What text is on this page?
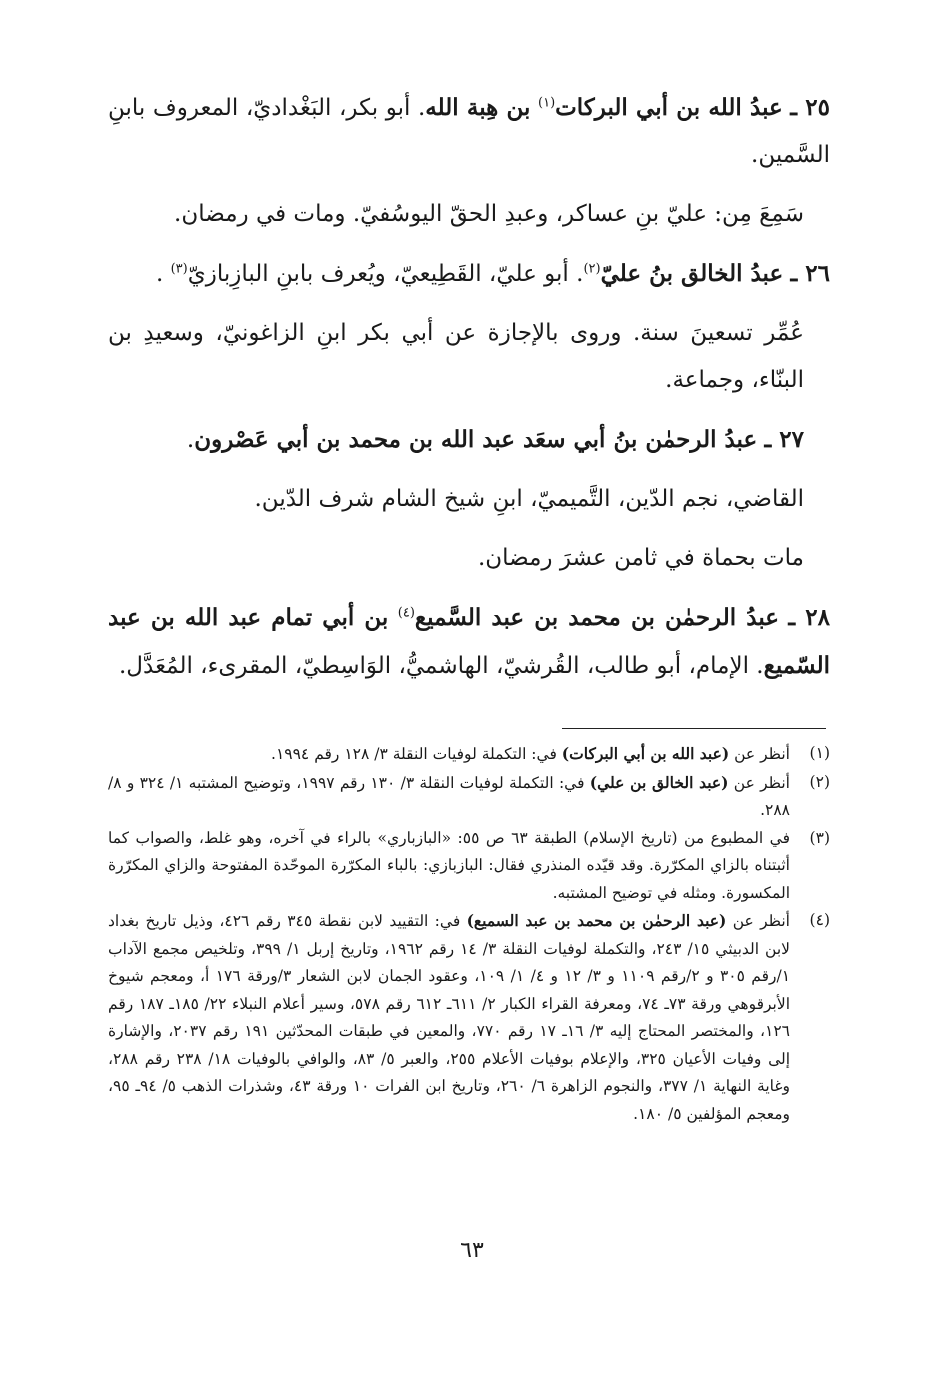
٢٥ ـ عبدُ الله بن أبي البركات$^{(١)}$ بن هِبة الله. أبو بكر، البَغْداديّ، المعروف بابنِ السَّمين.

سَمِعَ مِن: عليّ بنِ عساكر، وعبدِ الحقّ اليوسُفيّ. ومات في رمضان.

٢٦ ـ عبدُ الخالق بنُ عليّ$^{(٢)}$. أبو عليّ، القَطِيعيّ، ويُعرف بابنِ البازِبازيّ$^{(٣)}$ .

عُمِّر تسعينَ سنة. وروى بالإجازة عن أبي بكر ابنِ الزاغونيّ، وسعيدِ بن البنّاء، وجماعة.

٢٧ ـ عبدُ الرحمٰن بنُ أبي سعَد عبد الله بن محمد بن أبي عَصْرون.

القاضي، نجم الدّين، التَّميميّ، ابنِ شيخ الشام شرف الدّين.

مات بحماة في ثامن عشرَ رمضان.

٢٨ ـ عبدُ الرحمٰن بن محمد بن عبد السَّميع$^{(٤)}$ بن أبي تمام عبد الله بن عبد السّميع. الإمام، أبو طالب، القُرشيّ، الهاشميُّ، الوَاسِطيّ، المقرىء، المُعَدَّل.

(١)
أنظر عن (عبد الله بن أبي البركات) في: التكملة لوفيات النقلة ٣/ ١٢٨ رقم ١٩٩٤.
(٢)
أنظر عن (عبد الخالق بن علي) في: التكملة لوفيات النقلة ٣/ ١٣٠ رقم ١٩٩٧، وتوضيح المشتبه ١/ ٣٢٤ و ٨/ ٢٨٨.
(٣)
في المطبوع من (تاريخ الإسلام) الطبقة ٦٣ ص ٥٥: «البازباري» بالراء في آخره، وهو غلط، والصواب كما أثبتناه بالزاي المكرّرة. وقد قيّده المنذري فقال: البازبازي: بالباء المكرّرة الموحّدة المفتوحة والزاي المكرّرة المكسورة. ومثله في توضيح المشتبه.
(٤)
أنظر عن (عبد الرحمٰن بن محمد بن عبد السميع) في: التقييد لابن نقطة ٣٤٥ رقم ٤٢٦، وذيل تاريخ بغداد لابن الدبيثي ١٥/ ٢٤٣، والتكملة لوفيات النقلة ٣/ ١٤ رقم ١٩٦٢، وتاريخ إربل ١/ ٣٩٩، وتلخيص مجمع الآداب ١/رقم ٣٠٥ و ٢/رقم ١١٠٩ و ٣/ ١٢ و ٤/ ١/ ١٠٩، وعقود الجمان لابن الشعار ٣/ورقة ١٧٦ أ، ومعجم شيوخ الأبرقوهي ورقة ٧٣ـ ٧٤، ومعرفة القراء الكبار ٢/ ٦١١ـ ٦١٢ رقم ٥٧٨، وسير أعلام النبلاء ٢٢/ ١٨٥ـ ١٨٧ رقم ١٢٦، والمختصر المحتاج إليه ٣/ ١٦ـ ١٧ رقم ٧٧٠، والمعين في طبقات المحدّثين ١٩١ رقم ٢٠٣٧، والإشارة إلى وفيات الأعيان ٣٢٥، والإعلام بوفيات الأعلام ٢٥٥، والعبر ٥/ ٨٣، والوافي بالوفيات ١٨/ ٢٣٨ رقم ٢٨٨، وغاية النهاية ١/ ٣٧٧، والنجوم الزاهرة ٦/ ٢٦٠، وتاريخ ابن الفرات ١٠ ورقة ٤٣، وشذرات الذهب ٥/ ٩٤ـ ٩٥، ومعجم المؤلفين ٥/ ١٨٠.
٦٣
